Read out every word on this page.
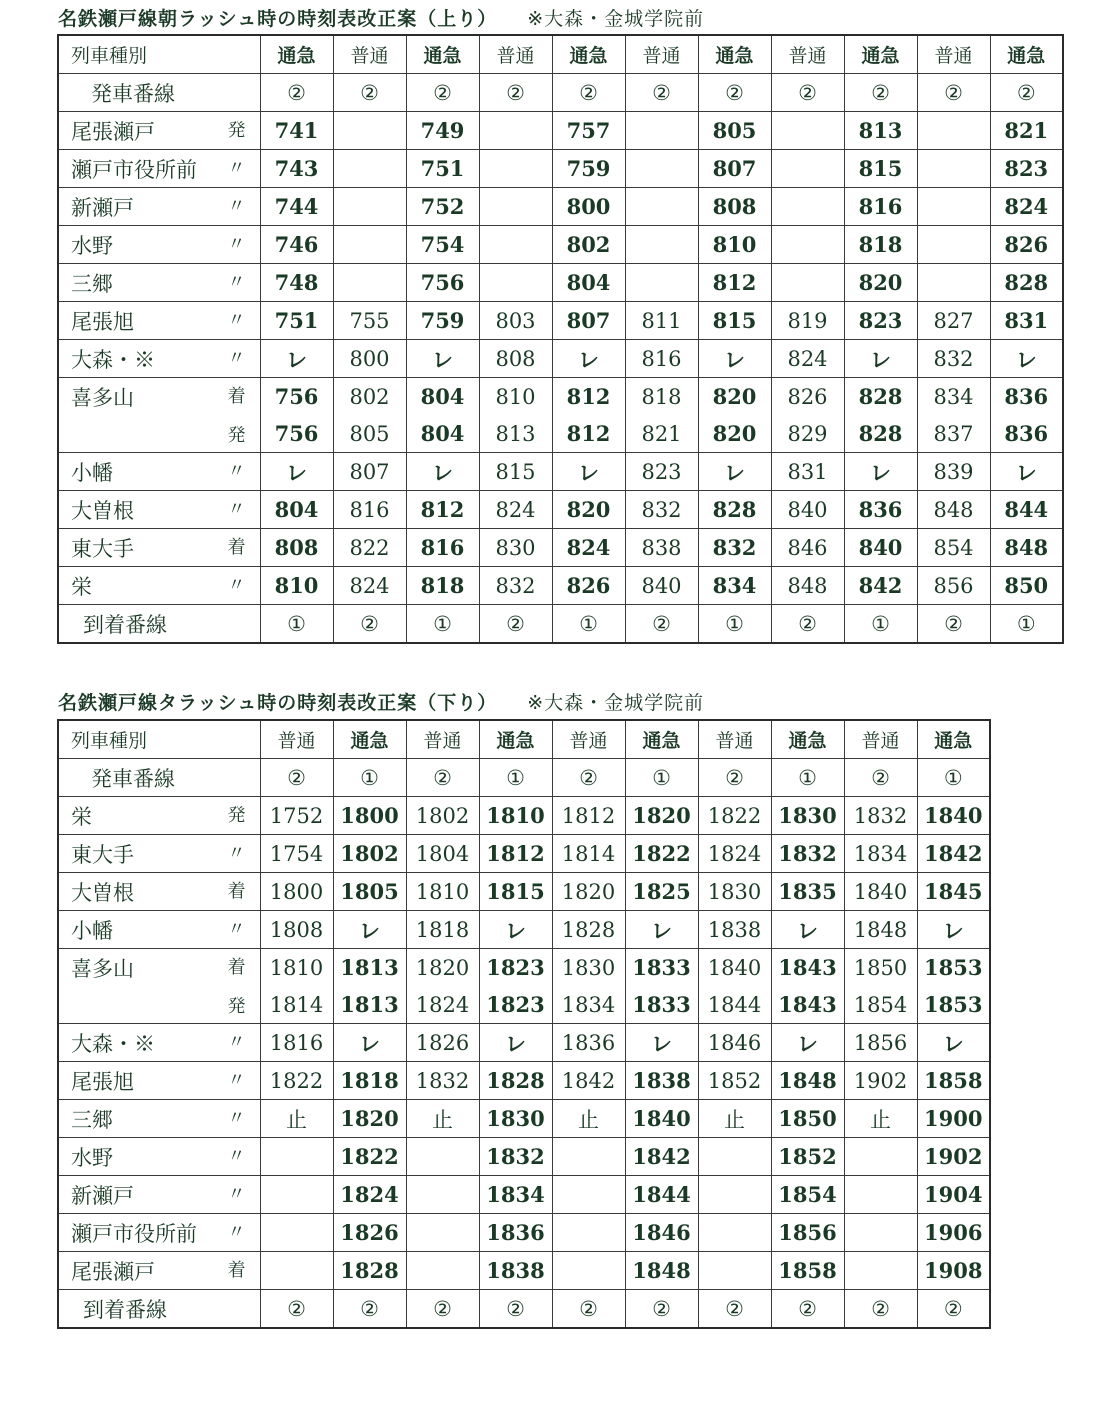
名鉄瀬戸線朝ラッシュ時の時刻表改正案（上り） ※大森・金城学院前
列車種別	通急	普通	通急	普通	通急	普通	通急	普通	通急	普通	通急

発車番線	②	②	②	②	②	②	②	②	②	②	②

尾張瀬戸 発	741		749		757		805		813		821

瀬戸市役所前 〃	743		751		759		807		815		823

新瀬戸 〃	744		752		800		808		816		824

水野 〃	746		754		802		810		818		826

三郷 〃	748		756		804		812		820		828

尾張旭 〃	751	755	759	803	807	811	815	819	823	827	831

大森・※ 〃	レ	800	レ	808	レ	816	レ	824	レ	832	レ

喜多山 着	756	802	804	810	812	818	820	826	828	834	836

発	756	805	804	813	812	821	820	829	828	837	836

小幡 〃	レ	807	レ	815	レ	823	レ	831	レ	839	レ

大曽根 〃	804	816	812	824	820	832	828	840	836	848	844

東大手 着	808	822	816	830	824	838	832	846	840	854	848

栄 〃	810	824	818	832	826	840	834	848	842	856	850

到着番線	①	②	①	②	①	②	①	②	①	②	①
名鉄瀬戸線タラッシュ時の時刻表改正案（下り） ※大森・金城学院前
列車種別	普通	通急	普通	通急	普通	通急	普通	通急	普通	通急

発車番線	②	①	②	①	②	①	②	①	②	①

栄 発	1752	1800	1802	1810	1812	1820	1822	1830	1832	1840

東大手 〃	1754	1802	1804	1812	1814	1822	1824	1832	1834	1842

大曽根 着	1800	1805	1810	1815	1820	1825	1830	1835	1840	1845

小幡 〃	1808	レ	1818	レ	1828	レ	1838	レ	1848	レ

喜多山 着	1810	1813	1820	1823	1830	1833	1840	1843	1850	1853

発	1814	1813	1824	1823	1834	1833	1844	1843	1854	1853

大森・※ 〃	1816	レ	1826	レ	1836	レ	1846	レ	1856	レ

尾張旭 〃	1822	1818	1832	1828	1842	1838	1852	1848	1902	1858

三郷 〃	止	1820	止	1830	止	1840	止	1850	止	1900

水野 〃		1822		1832		1842		1852		1902

新瀬戸 〃		1824		1834		1844		1854		1904

瀬戸市役所前 〃		1826		1836		1846		1856		1906

尾張瀬戸 着		1828		1838		1848		1858		1908

到着番線	②	②	②	②	②	②	②	②	②	②
